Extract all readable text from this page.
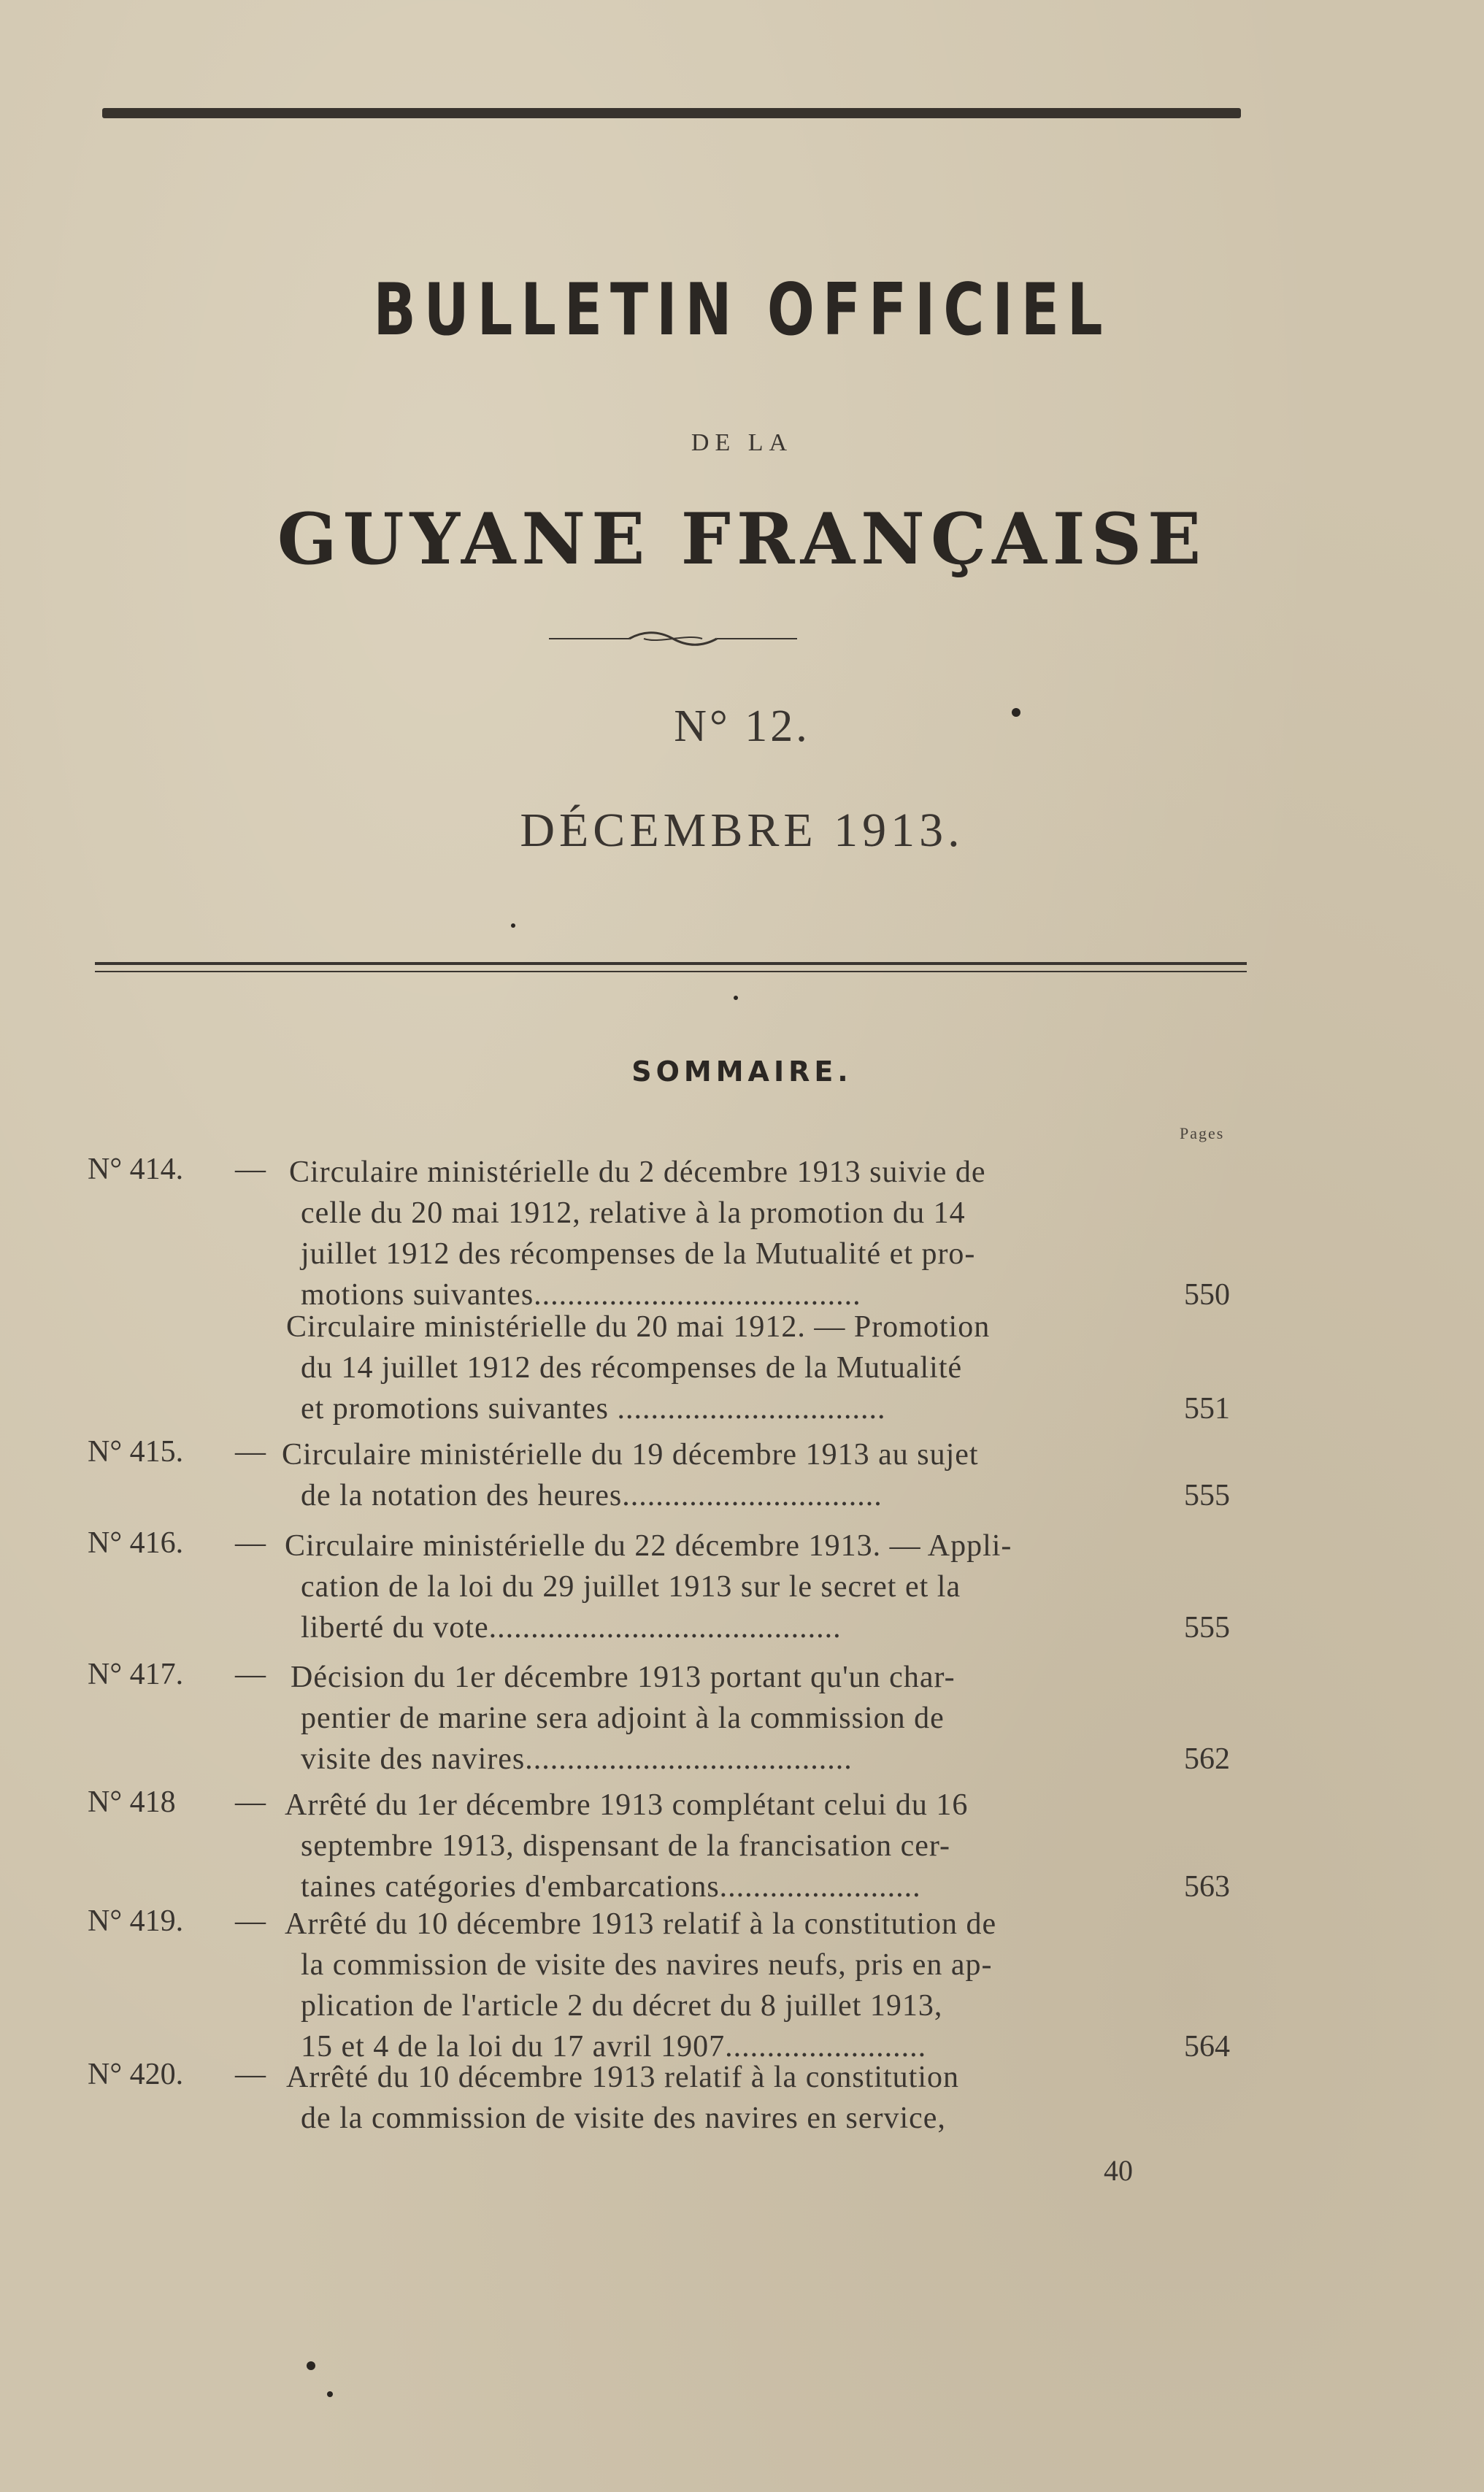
BULLETIN OFFICIEL
DE LA
GUYANE FRANÇAISE
N° 12.
DÉCEMBRE 1913.
SOMMAIRE.
Pages
N° 414. — Circulaire ministérielle du 2 décembre 1913 suivie de
celle du 20 mai 1912, relative à la promotion du 14
juillet 1912 des récompenses de la Mutualité et pro-
motions suivantes.......................................	550
Circulaire ministérielle du 20 mai 1912. — Promotion
du 14 juillet 1912 des récompenses de la Mutualité
et promotions suivantes ................................	551
N° 415. — Circulaire ministérielle du 19 décembre 1913 au sujet
de la notation des heures...............................	555
N° 416. — Circulaire ministérielle du 22 décembre 1913. — Appli-
cation de la loi du 29 juillet 1913 sur le secret et la
liberté du vote..........................................	555
N° 417. — Décision du 1er décembre 1913 portant qu'un char-
pentier de marine sera adjoint à la commission de
visite des navires.......................................	562
N° 418 — Arrêté du 1er décembre 1913 complétant celui du 16
septembre 1913, dispensant de la francisation cer-
taines catégories d'embarcations........................	563
N° 419. — Arrêté du 10 décembre 1913 relatif à la constitution de
la commission de visite des navires neufs, pris en ap-
plication de l'article 2 du décret du 8 juillet 1913,
15 et 4 de la loi du 17 avril 1907........................	564
N° 420. — Arrêté du 10 décembre 1913 relatif à la constitution
de la commission de visite des navires en service,
40
